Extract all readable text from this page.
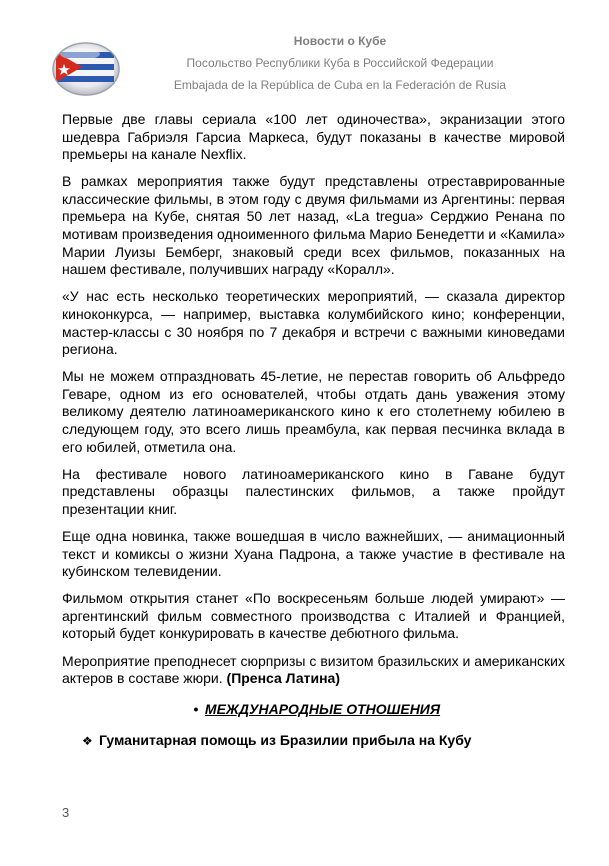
Новости о Кубе
Посольство Республики Куба в Российской Федерации
Embajada de la República de Cuba en la Federación de Rusia

Первые две главы сериала «100 лет одиночества», экранизации этого шедевра Габриэля Гарсиа Маркеса, будут показаны в качестве мировой премьеры на канале Nexflix.

В рамках мероприятия также будут представлены отреставрированные классические фильмы, в этом году с двумя фильмами из Аргентины: первая премьера на Кубе, снятая 50 лет назад, «La tregua» Серджио Ренана по мотивам произведения одноименного фильма Марио Бенедетти и «Камила» Марии Луизы Бемберг, знаковый среди всех фильмов, показанных на нашем фестивале, получивших награду «Коралл».

«У нас есть несколько теоретических мероприятий, — сказала директор киноконкурса, — например, выставка колумбийского кино; конференции, мастер-классы с 30 ноября по 7 декабря и встречи с важными киноведами региона.

Мы не можем отпраздновать 45-летие, не перестав говорить об Альфредо Геваре, одном из его основателей, чтобы отдать дань уважения этому великому деятелю латиноамериканского кино к его столетнему юбилею в следующем году, это всего лишь преамбула, как первая песчинка вклада в его юбилей, отметила она.

На фестивале нового латиноамериканского кино в Гаване будут представлены образцы палестинских фильмов, а также пройдут презентации книг.

Еще одна новинка, также вошедшая в число важнейших, — анимационный текст и комиксы о жизни Хуана Падрона, а также участие в фестивале на кубинском телевидении.

Фильмом открытия станет «По воскресеньям больше людей умирают» — аргентинский фильм совместного производства с Италией и Францией, который будет конкурировать в качестве дебютного фильма.

Мероприятие преподнесет сюрпризы с визитом бразильских и американских актеров в составе жюри. (Пренса Латина)

• МЕЖДУНАРОДНЫЕ ОТНОШЕНИЯ
❖ Гуманитарная помощь из Бразилии прибыла на Кубу
3
